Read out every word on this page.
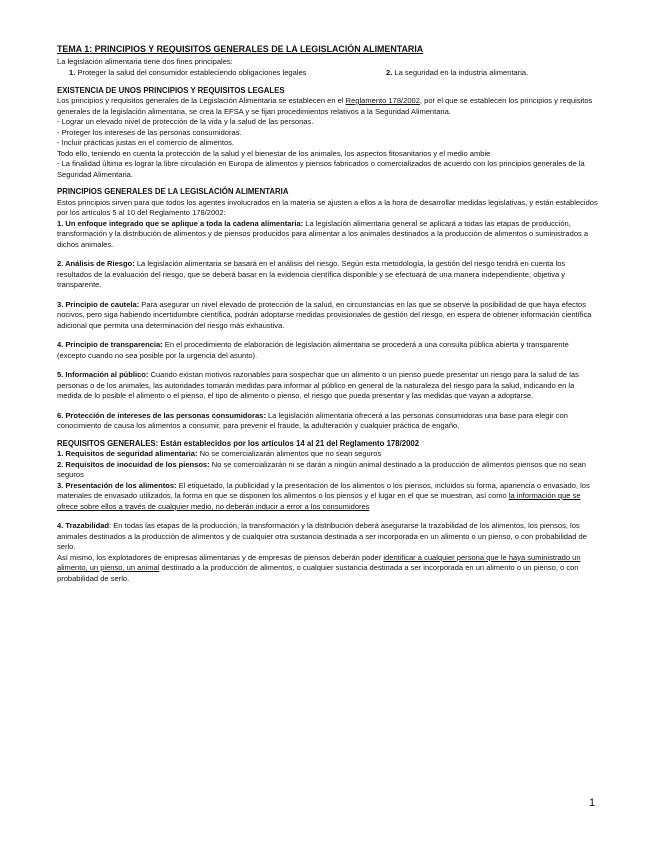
TEMA 1: PRINCIPIOS Y REQUISITOS GENERALES DE LA LEGISLACIÓN ALIMENTARIA

La legislación alimentaria tiene dos fines principales:

1. Proteger la salud del consumidor estableciendo obligaciones legales	2. La seguridad en la industria alimentaria.

EXISTENCIA DE UNOS PRINCIPIOS Y REQUISITOS LEGALES

Los principios y requisitos generales de la Legislación Alimentaria se establecen en el Reglamento 178/2002, por el que se establecen los principios y requisitos generales de la legislación alimentaria, se crea la EFSA y se fijan procedimientos relativos a la Seguridad Alimentaria.

- Lograr un elevado nivel de protección de la vida y la salud de las personas.

- Proteger los intereses de las personas consumidoras.

- Incluir prácticas justas en el comercio de alimentos.

Todo ello, teniendo en cuenta la protección de la salud y el bienestar de los animales, los aspectos fitosanitarios y el medio ambie

- La finalidad última es lograr la libre circulación en Europa de alimentos y piensos fabricados o comercializados de acuerdo con los principios generales de la Seguridad Alimentaria.

PRINCIPIOS GENERALES DE LA LEGISLACIÓN ALIMENTARIA

Estos principios sirven para que todos los agentes involucrados en la materia se ajusten a ellos a la hora de desarrollar medidas legislativas, y están establecidos por los artículos 5 al 10 del Reglamento 178/2002:

1. Un enfoque integrado que se aplique a toda la cadena alimentaria: La legislación alimentaria general se aplicará a todas las etapas de producción, transformación y la distribución de alimentos y de piensos producidos para alimentar a los animales destinados a la producción de alimentos o suministrados a dichos animales.

2. Análisis de Riesgo: La legislación alimentaria se basará en el análisis del riesgo. Según esta metodología, la gestión del riesgo tendrá en cuenta los resultados de la evaluación del riesgo, que se deberá basar en la evidencia científica disponible y se efectuará de una manera independiente, objetiva y transparente.

3. Principio de cautela: Para asegurar un nivel elevado de protección de la salud, en circunstancias en las que se observe la posibilidad de que haya efectos nocivos, pero siga habiendo incertidumbre científica, podrán adoptarse medidas provisionales de gestión del riesgo, en espera de obtener información científica adicional que permita una determinación del riesgo más exhaustiva.

4. Principio de transparencia: En el procedimiento de elaboración de legislación alimentaria se procederá a una consulta pública abierta y transparente (excepto cuando no sea posible por la urgencia del asunto).

5. Información al público: Cuando existan motivos razonables para sospechar que un alimento o un pienso puede presentar un riesgo para la salud de las personas o de los animales, las autoridades tomarán medidas para informar al público en general de la naturaleza del riesgo para la salud, indicando en la medida de lo posible el alimento o el pienso, el tipo de alimento o pienso, el riesgo que pueda presentar y las medidas que vayan a adoptarse.

6. Protección de intereses de las personas consumidoras: La legislación alimentaria ofrecerá a las personas consumidoras una base para elegir con conocimiento de causa los alimentos a consumir, para prevenir el fraude, la adulteración y cualquier práctica de engaño.

REQUISITOS GENERALES: Están establecidos por los artículos 14 al 21 del Reglamento 178/2002

1. Requisitos de seguridad alimentaria: No se comercializarán alimentos que no sean seguros

2. Requisitos de inocuidad de los piensos: No se comercializarán ni se darán a ningún animal destinado a la producción de alimentos piensos que no sean seguros

3. Presentación de los alimentos: El etiquetado, la publicidad y la presentación de los alimentos o los piensos, incluidos su forma, apariencia o envasado, los materiales de envasado utilizados, la forma en que se disponen los alimentos o los piensos y el lugar en el que se muestran, así como la información que se ofrece sobre ellos a través de cualquier medio, no deberán inducir a error a los consumidores

4. Trazabilidad: En todas las etapas de la producción, la transformación y la distribución deberá asegurarse la trazabilidad de los alimentos, los piensos, los animales destinados a la producción de alimentos y de cualquier otra sustancia destinada a ser incorporada en un alimento o un pienso, o con probabilidad de serlo.

Así mismo, los explotadores de empresas alimentarias y de empresas de piensos deberán poder identificar a cualquier persona que le haya suministrado un alimento, un pienso, un animal destinado a la producción de alimentos, o cualquier sustancia destinada a ser incorporada en un alimento o un pienso, o con probabilidad de serlo.

1
